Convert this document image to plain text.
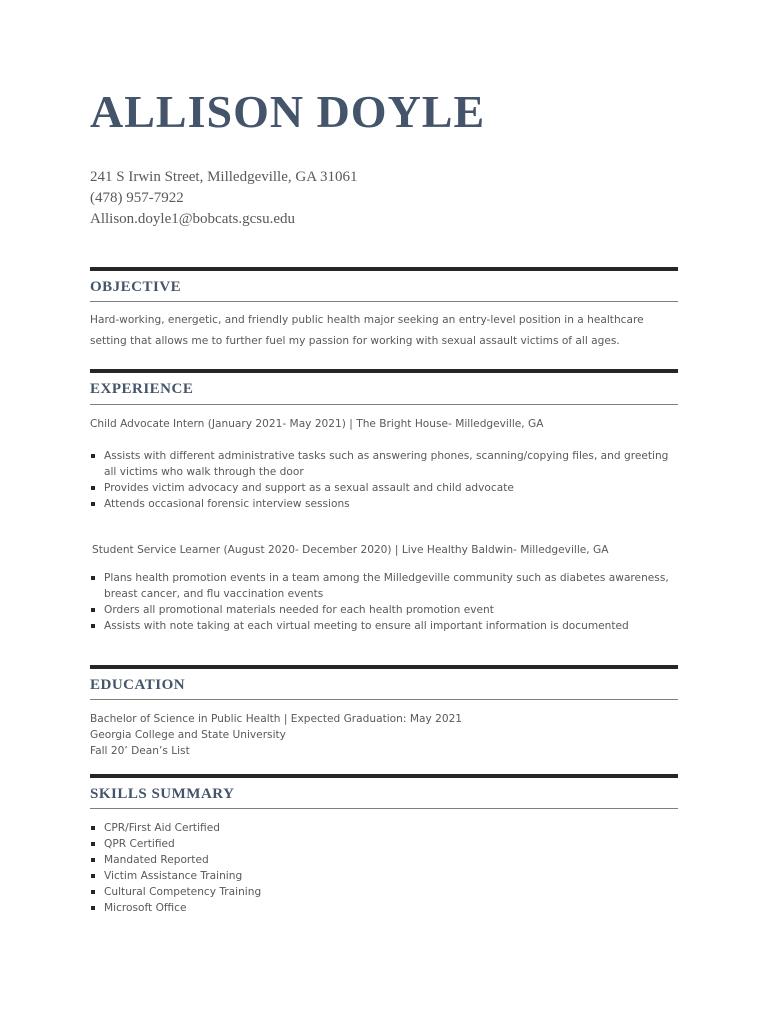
ALLISON DOYLE
241 S Irwin Street, Milledgeville, GA 31061
(478) 957-7922
Allison.doyle1@bobcats.gcsu.edu
OBJECTIVE
Hard-working, energetic, and friendly public health major seeking an entry-level position in a healthcare setting that allows me to further fuel my passion for working with sexual assault victims of all ages.
EXPERIENCE
Child Advocate Intern (January 2021- May 2021) | The Bright House- Milledgeville, GA
Assists with different administrative tasks such as answering phones, scanning/copying files, and greeting all victims who walk through the door
Provides victim advocacy and support as a sexual assault and child advocate
Attends occasional forensic interview sessions
Student Service Learner (August 2020- December 2020) | Live Healthy Baldwin- Milledgeville, GA
Plans health promotion events in a team among the Milledgeville community such as diabetes awareness, breast cancer, and flu vaccination events
Orders all promotional materials needed for each health promotion event
Assists with note taking at each virtual meeting to ensure all important information is documented
EDUCATION
Bachelor of Science in Public Health | Expected Graduation: May 2021
Georgia College and State University
Fall 20’ Dean’s List
SKILLS SUMMARY
CPR/First Aid Certified
QPR Certified
Mandated Reported
Victim Assistance Training
Cultural Competency Training
Microsoft Office
